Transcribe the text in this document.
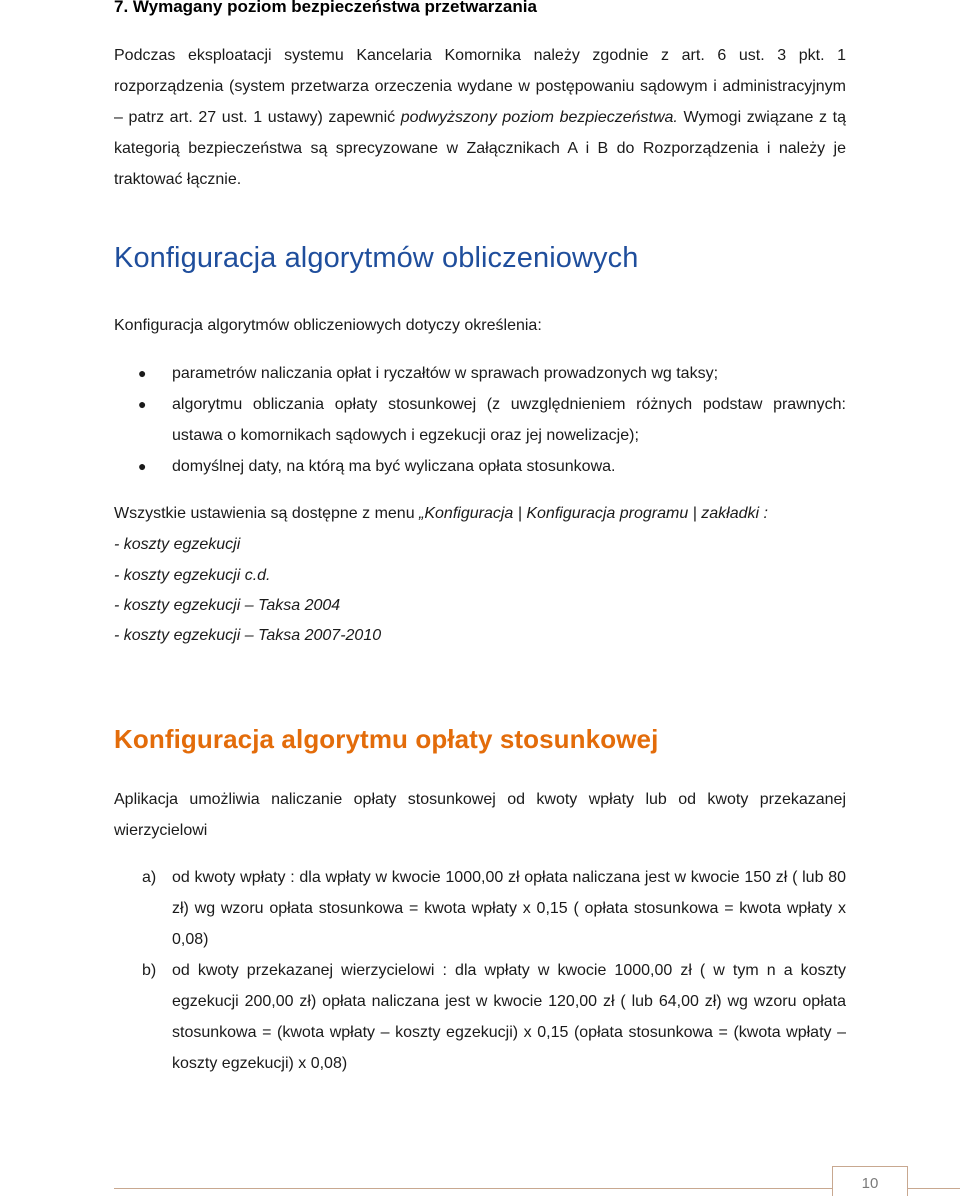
7. Wymagany poziom bezpieczeństwa przetwarzania

Podczas eksploatacji systemu Kancelaria Komornika należy zgodnie z art. 6 ust. 3 pkt. 1 rozporządzenia (system przetwarza orzeczenia wydane w postępowaniu sądowym i administracyjnym – patrz art. 27 ust. 1 ustawy) zapewnić podwyższony poziom bezpieczeństwa. Wymogi związane z tą kategorią bezpieczeństwa są sprecyzowane w Załącznikach A i B do Rozporządzenia i należy je traktować łącznie.

Konfiguracja algorytmów obliczeniowych

Konfiguracja algorytmów obliczeniowych dotyczy określenia:

● parametrów naliczania opłat i ryczałtów w sprawach prowadzonych wg taksy;
● algorytmu obliczania opłaty stosunkowej (z uwzględnieniem różnych podstaw prawnych: ustawa o komornikach sądowych i egzekucji oraz jej nowelizacje);
● domyślnej daty, na którą ma być wyliczana opłata stosunkowa.

Wszystkie ustawienia są dostępne z menu „Konfiguracja | Konfiguracja programu | zakładki :

- koszty egzekucji

- koszty egzekucji c.d.

- koszty egzekucji – Taksa 2004

- koszty egzekucji – Taksa 2007-2010

Konfiguracja algorytmu opłaty stosunkowej

Aplikacja umożliwia naliczanie opłaty stosunkowej od kwoty wpłaty lub od kwoty przekazanej wierzycielowi

a) od kwoty wpłaty : dla wpłaty w kwocie 1000,00 zł opłata naliczana jest w kwocie 150 zł ( lub 80 zł) wg wzoru opłata stosunkowa = kwota wpłaty x 0,15 ( opłata stosunkowa = kwota wpłaty x 0,08)
b) od kwoty przekazanej wierzycielowi : dla wpłaty w kwocie 1000,00 zł ( w tym n a koszty egzekucji 200,00 zł) opłata naliczana jest w kwocie 120,00 zł ( lub 64,00 zł) wg wzoru opłata stosunkowa = (kwota wpłaty – koszty egzekucji) x 0,15 (opłata stosunkowa = (kwota wpłaty – koszty egzekucji) x 0,08)
10
